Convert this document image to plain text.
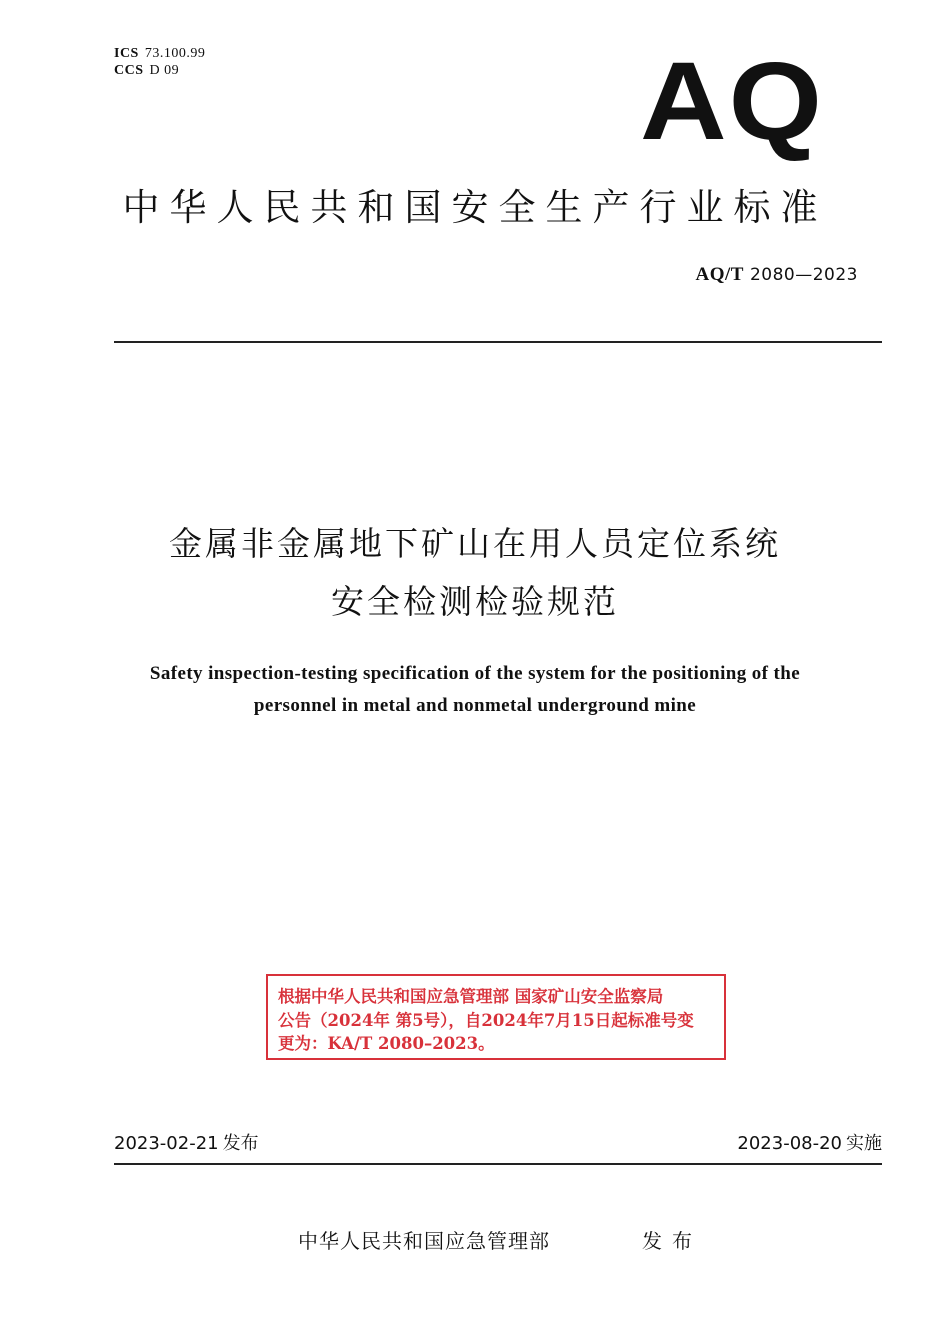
ICS 73.100.99
CCS D 09	AQ
中华人民共和国安全生产行业标准
AQ/T 2080—2023
金属非金属地下矿山在用人员定位系统
安全检测检验规范
Safety inspection-testing specification of the system for the positioning of the
personnel in metal and nonmetal underground mine
根据中华人民共和国应急管理部 国家矿山安全监察局
公告（2024年 第5号），自2024年7月15日起标准号变
更为：KA/T 2080–2023。
2023-02-21 发布	2023-08-20 实施
中华人民共和国应急管理部	发布
